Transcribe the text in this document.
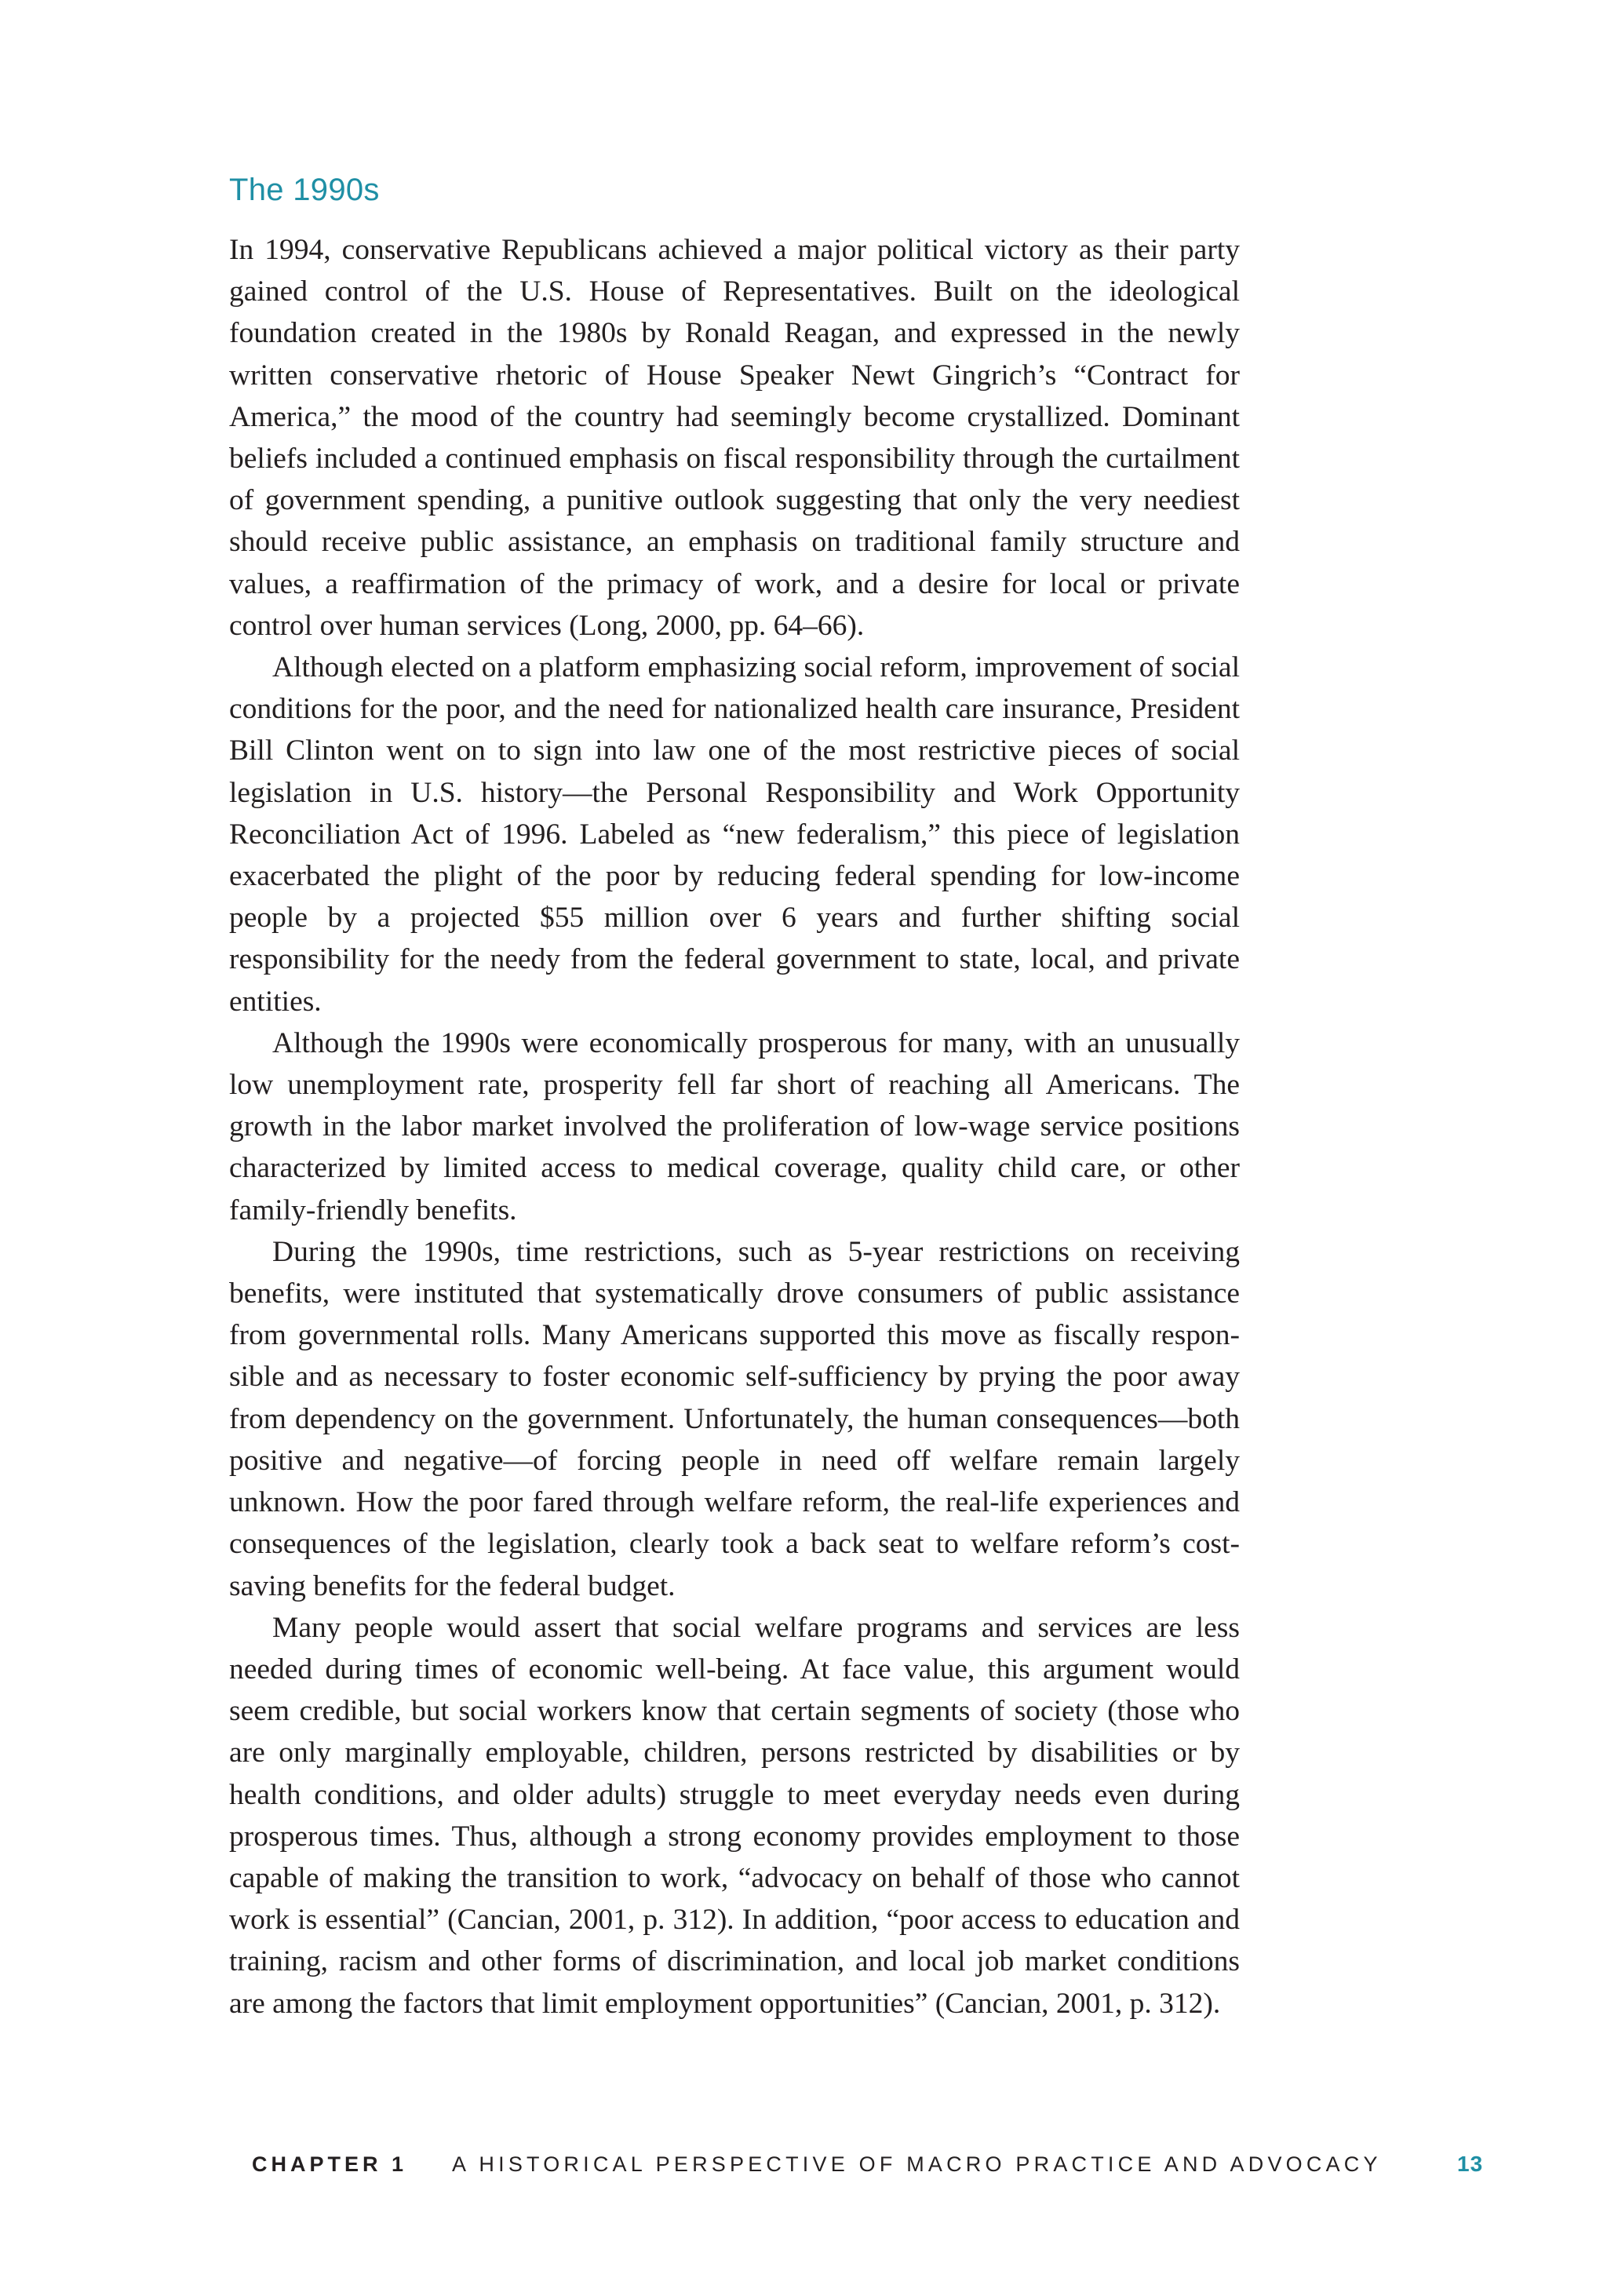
The 1990s

In 1994, conservative Republicans achieved a major political victory as their party gained control of the U.S. House of Representatives. Built on the ideological foundation created in the 1980s by Ronald Reagan, and expressed in the newly written conservative rhetoric of House Speaker Newt Gingrich’s “Contract for America,” the mood of the country had seemingly become crystallized. Dominant beliefs included a continued emphasis on fiscal responsibility through the curtailment of government spending, a punitive outlook suggesting that only the very neediest should receive public assistance, an emphasis on traditional family structure and values, a reaffirmation of the primacy of work, and a desire for local or private control over human services (Long, 2000, pp. 64–66).

Although elected on a platform emphasizing social reform, improvement of social conditions for the poor, and the need for nationalized health care insurance, President Bill Clinton went on to sign into law one of the most restrictive pieces of social legislation in U.S. history—the Personal Responsibility and Work Opportunity Reconciliation Act of 1996. Labeled as “new federalism,” this piece of legislation exacerbated the plight of the poor by reducing federal spending for low-income people by a projected $55 million over 6 years and further shifting social responsibility for the needy from the federal government to state, local, and private entities.

Although the 1990s were economically prosperous for many, with an unusually low unemployment rate, prosperity fell far short of reaching all Americans. The growth in the labor market involved the proliferation of low-wage service positions characterized by limited access to medical coverage, quality child care, or other family-friendly benefits.

During the 1990s, time restrictions, such as 5-year restrictions on receiving benefits, were instituted that systematically drove consumers of public assistance from governmental rolls. Many Americans supported this move as fiscally responsible and as necessary to foster economic self-sufficiency by prying the poor away from dependency on the government. Unfortunately, the human consequences—both positive and negative—of forcing people in need off welfare remain largely unknown. How the poor fared through welfare reform, the real-life experiences and consequences of the legislation, clearly took a back seat to welfare reform’s cost-saving benefits for the federal budget.

Many people would assert that social welfare programs and services are less needed during times of economic well-being. At face value, this argument would seem credible, but social workers know that certain segments of society (those who are only marginally employable, children, persons restricted by disabilities or by health conditions, and older adults) struggle to meet everyday needs even during prosperous times. Thus, although a strong economy provides employment to those capable of making the transition to work, “advocacy on behalf of those who cannot work is essential” (Cancian, 2001, p. 312). In addition, “poor access to education and training, racism and other forms of discrimination, and local job market conditions are among the factors that limit employment opportunities” (Cancian, 2001, p. 312).

CHAPTER 1 A HISTORICAL PERSPECTIVE OF MACRO PRACTICE AND ADVOCACY	13
